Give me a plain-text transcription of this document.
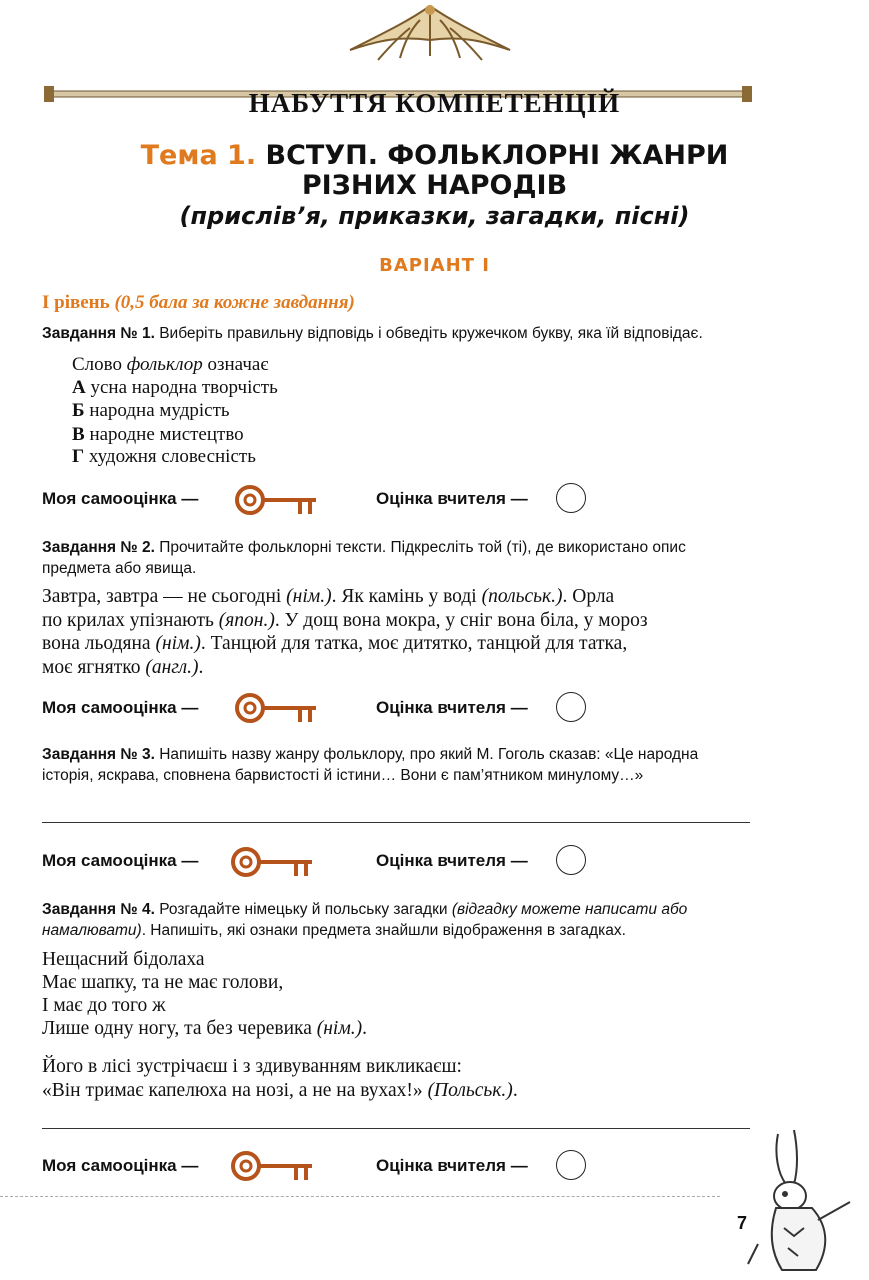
НАБУТТЯ КОМПЕТЕНЦІЙ
Тема 1. ВСТУП. ФОЛЬКЛОРНІ ЖАНРИ
РІЗНИХ НАРОДІВ
(прислів’я, приказки, загадки, пісні)
ВАРІАНТ І
І рівень (0,5 бала за кожне завдання)
Завдання № 1. Виберіть правильну відповідь і обведіть кружечком букву, яка їй відповідає.
Слово фольклор означає
А усна народна творчість
Б народна мудрість
В народне мистецтво
Г художня словесність
Моя самооцінка —	Оцінка вчителя —
Завдання № 2. Прочитайте фольклорні тексти. Підкресліть той (ті), де використано опис
предмета або явища.
Завтра, завтра — не сьогодні (нім.). Як камінь у воді (польськ.). Орла
по крилах упізнають (япон.). У дощ вона мокра, у сніг вона біла, у мороз
вона льодяна (нім.). Танцюй для татка, моє дитятко, танцюй для татка,
моє ягнятко (англ.).
Моя самооцінка —	Оцінка вчителя —
Завдання № 3. Напишіть назву жанру фольклору, про який М. Гоголь сказав: «Це народна
історія, яскрава, сповнена барвистості й істини… Вони є пам’ятником минулому…»
Моя самооцінка —	Оцінка вчителя —
Завдання № 4. Розгадайте німецьку й польську загадки (відгадку можете написати або
намалювати). Напишіть, які ознаки предмета знайшли відображення в загадках.
Нещасний бідолаха
Має шапку, та не має голови,
І має до того ж
Лише одну ногу, та без черевика (нім.).
Його в лісі зустрічаєш і з здивуванням викликаєш:
«Він тримає капелюха на нозі, а не на вухах!» (Польськ.).
Моя самооцінка —	Оцінка вчителя —
7
